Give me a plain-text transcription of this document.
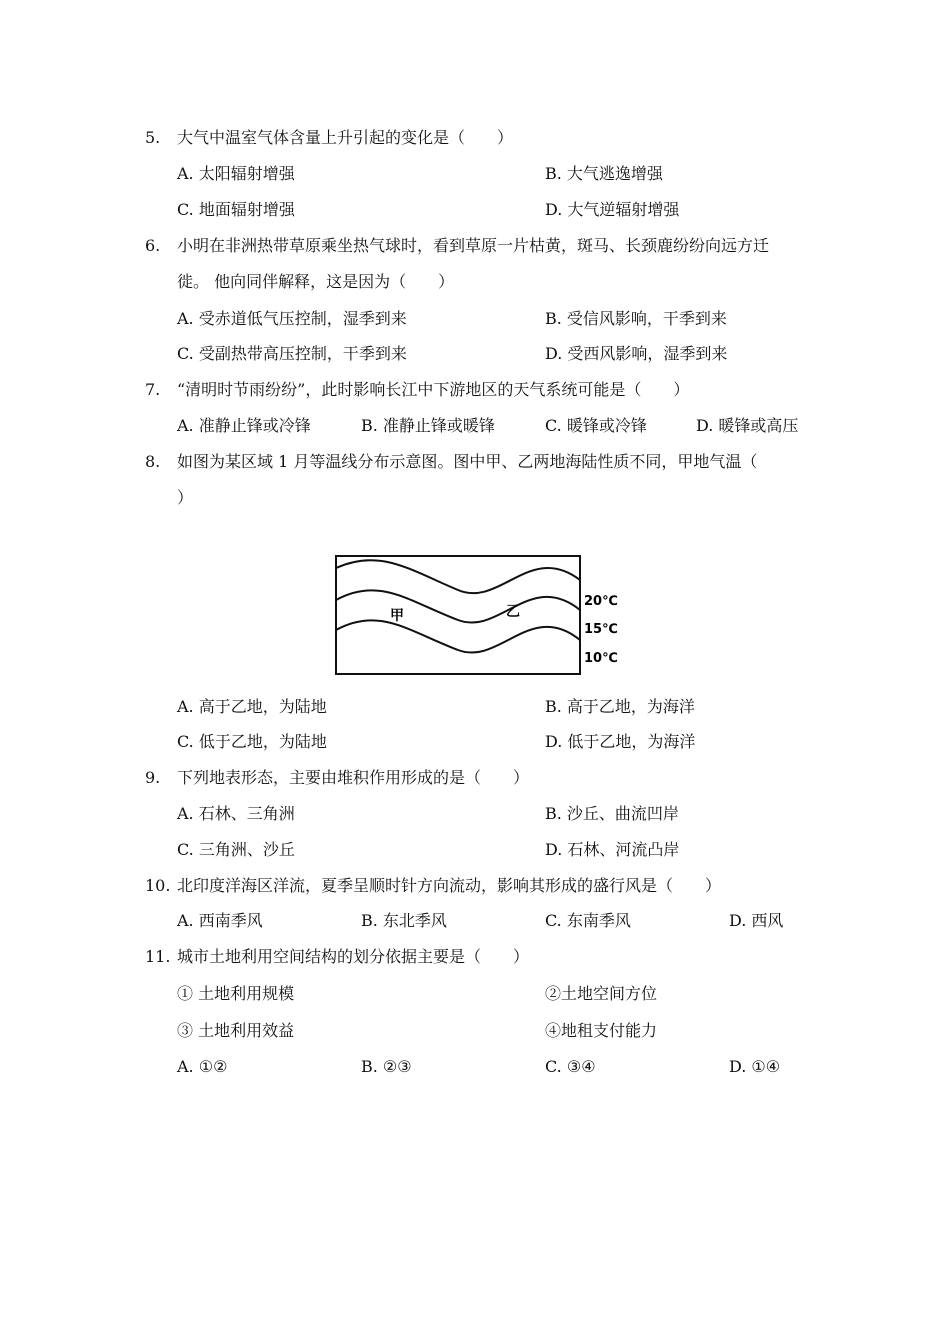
5. 大气中温室气体含量上升引起的变化是（　　）
A. 太阳辐射增强	B. 大气逃逸增强
C. 地面辐射增强	D. 大气逆辐射增强
6. 小明在非洲热带草原乘坐热气球时，看到草原一片枯黄，斑马、长颈鹿纷纷向远方迁
徙。 他向同伴解释，这是因为（　　）
A. 受赤道低气压控制，湿季到来	B. 受信风影响，干季到来
C. 受副热带高压控制，干季到来	D. 受西风影响，湿季到来
7. “清明时节雨纷纷”，此时影响长江中下游地区的天气系统可能是（　　）
A. 准静止锋或冷锋	B. 准静止锋或暖锋	C. 暖锋或冷锋	D. 暖锋或高压
8. 如图为某区域 1 月等温线分布示意图。图中甲、乙两地海陆性质不同，甲地气温（
）
甲	乙
20℃
15℃
10℃
A. 高于乙地，为陆地	B. 高于乙地，为海洋
C. 低于乙地，为陆地	D. 低于乙地，为海洋
9. 下列地表形态，主要由堆积作用形成的是（　　）
A. 石林、三角洲	B. 沙丘、曲流凹岸
C. 三角洲、沙丘	D. 石林、河流凸岸
10. 北印度洋海区洋流，夏季呈顺时针方向流动，影响其形成的盛行风是（　　）
A. 西南季风	B. 东北季风	C. 东南季风	D. 西风
11. 城市土地利用空间结构的划分依据主要是（　　）
① 土地利用规模	②土地空间方位
③ 土地利用效益	④地租支付能力
A. ①②	B. ②③	C. ③④	D. ①④
